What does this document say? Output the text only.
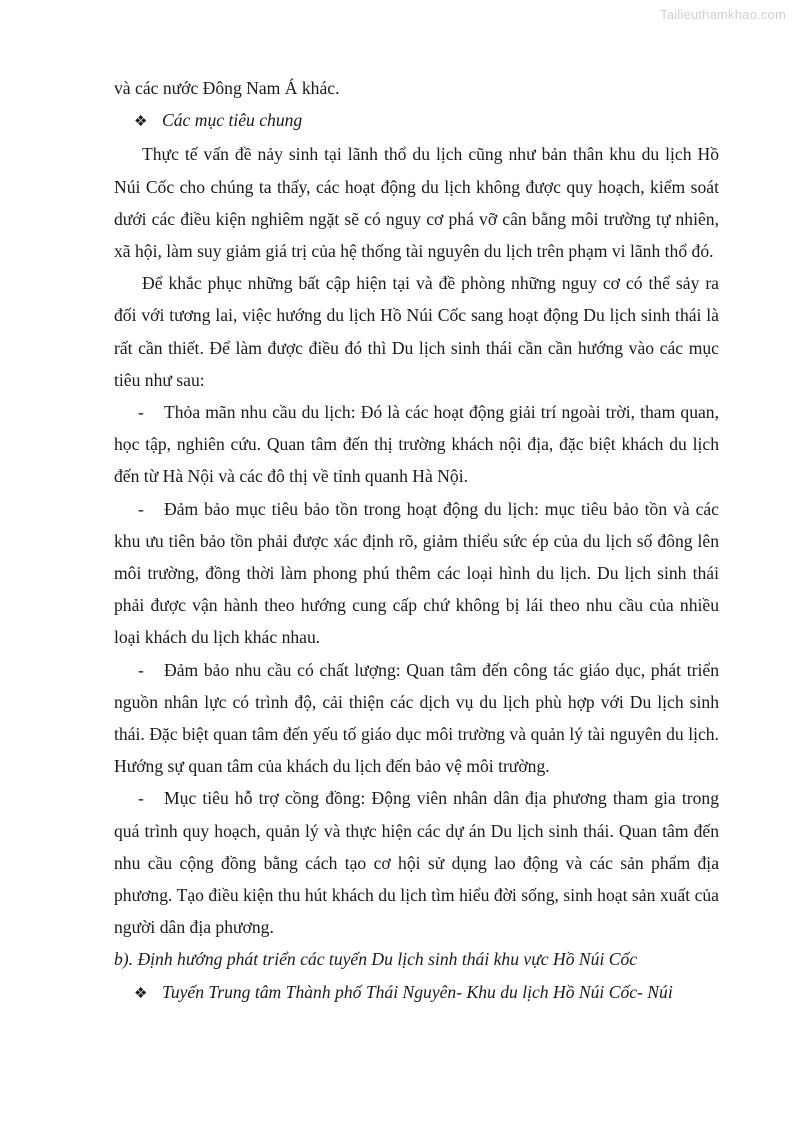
Tailieuthamkhao.com

và các nước Đông Nam Á khác.

❖ Các mục tiêu chung

Thực tế vấn đề nảy sinh tại lãnh thổ du lịch cũng như bản thân khu du lịch Hồ Núi Cốc cho chúng ta thấy, các hoạt động du lịch không được quy hoạch, kiểm soát dưới các điều kiện nghiêm ngặt sẽ có nguy cơ phá vỡ cân bằng môi trường tự nhiên, xã hội, làm suy giảm giá trị của hệ thống tài nguyên du lịch trên phạm vi lãnh thổ đó.

Để khắc phục những bất cập hiện tại và đề phòng những nguy cơ có thể sảy ra đối với tương lai, việc hướng du lịch Hồ Núi Cốc sang hoạt động Du lịch sinh thái là rất cần thiết. Để làm được điều đó thì Du lịch sinh thái cần cần hướng vào các mục tiêu như sau:

- Thỏa mãn nhu cầu du lịch: Đó là các hoạt động giải trí ngoài trời, tham quan, học tập, nghiên cứu. Quan tâm đến thị trường khách nội địa, đặc biệt khách du lịch đến từ Hà Nội và các đô thị về tỉnh quanh Hà Nội.

- Đảm bảo mục tiêu bảo tồn trong hoạt động du lịch: mục tiêu bảo tồn và các khu ưu tiên bảo tồn phải được xác định rõ, giảm thiểu sức ép của du lịch số đông lên môi trường, đồng thời làm phong phú thêm các loại hình du lịch. Du lịch sinh thái phải được vận hành theo hướng cung cấp chứ không bị lái theo nhu cầu của nhiều loại khách du lịch khác nhau.

- Đảm bảo nhu cầu có chất lượng: Quan tâm đến công tác giáo dục, phát triển nguồn nhân lực có trình độ, cải thiện các dịch vụ du lịch phù hợp với Du lịch sinh thái. Đặc biệt quan tâm đến yếu tố giáo dục môi trường và quản lý tài nguyên du lịch. Hướng sự quan tâm của khách du lịch đến bảo vệ môi trường.

- Mục tiêu hỗ trợ cồng đồng: Động viên nhân dân địa phương tham gia trong quá trình quy hoạch, quản lý và thực hiện các dự án Du lịch sinh thái. Quan tâm đến nhu cầu cộng đồng bằng cách tạo cơ hội sử dụng lao động và các sản phẩm địa phương. Tạo điều kiện thu hút khách du lịch tìm hiểu đời sống, sinh hoạt sản xuất của người dân địa phương.

b). Định hướng phát triển các tuyến Du lịch sinh thái khu vực Hồ Núi Cốc

❖ Tuyến Trung tâm Thành phố Thái Nguyên- Khu du lịch Hồ Núi Cốc- Núi
